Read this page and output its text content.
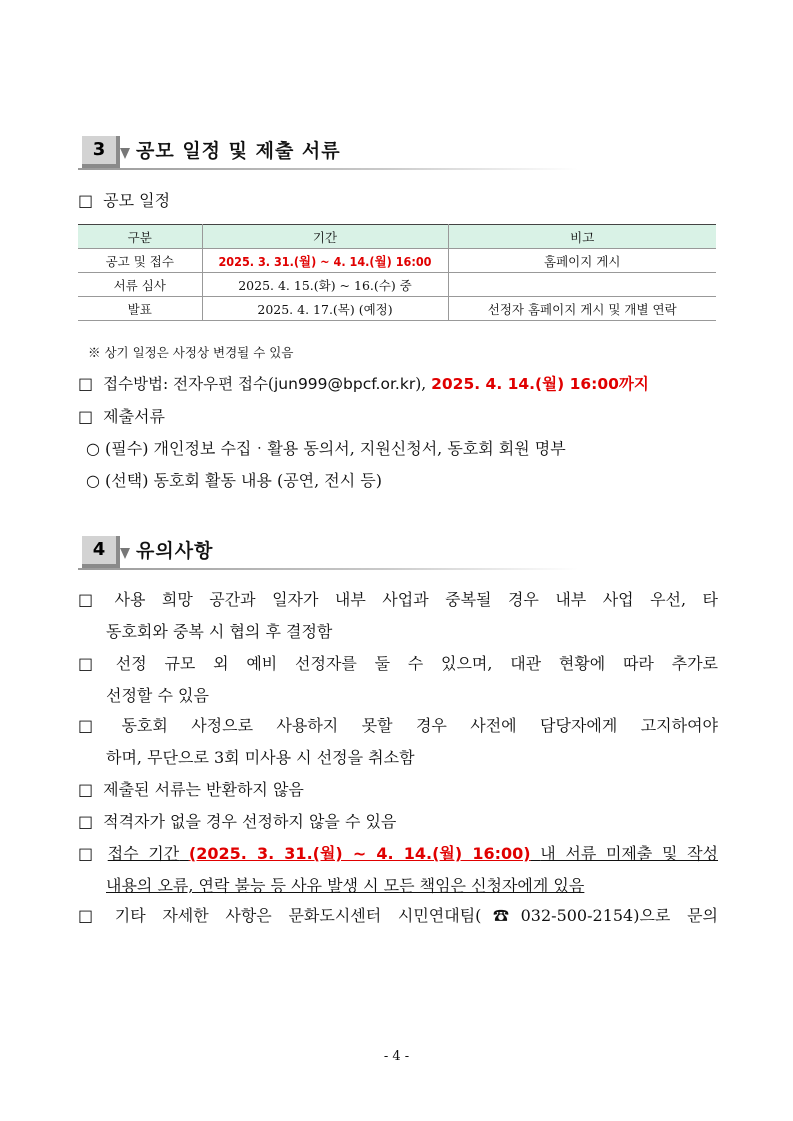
3	공모 일정 및 제출 서류
□ 공모 일정
구분	기간	비고
공고 및 접수	2025. 3. 31.(월) ~ 4. 14.(월) 16:00	홈페이지 게시
서류 심사	2025. 4. 15.(화) ~ 16.(수) 중	
발표	2025. 4. 17.(목) (예정)	선정자 홈페이지 게시 및 개별 연락
※ 상기 일정은 사정상 변경될 수 있음
□ 접수방법: 전자우편 접수(jun999@bpcf.or.kr), 2025. 4. 14.(월) 16:00까지
□ 제출서류
○ (필수) 개인정보 수집‧활용 동의서, 지원신청서, 동호회 회원 명부
○ (선택) 동호회 활동 내용 (공연, 전시 등)
4	유의사항
□ 사용 희망 공간과 일자가 내부 사업과 중복될 경우 내부 사업 우선, 타
동호회와 중복 시 협의 후 결정함
□ 선정 규모 외 예비 선정자를 둘 수 있으며, 대관 현황에 따라 추가로
선정할 수 있음
□ 동호회 사정으로 사용하지 못할 경우 사전에 담당자에게 고지하여야
하며, 무단으로 3회 미사용 시 선정을 취소함
□ 제출된 서류는 반환하지 않음
□ 적격자가 없을 경우 선정하지 않을 수 있음
□ 접수 기간 (2025. 3. 31.(월) ~ 4. 14.(월) 16:00) 내 서류 미제출 및 작성
내용의 오류, 연락 불능 등 사유 발생 시 모든 책임은 신청자에게 있음
□ 기타 자세한 사항은 문화도시센터 시민연대팀(☎032-500-2154)으로 문의
- 4 -
